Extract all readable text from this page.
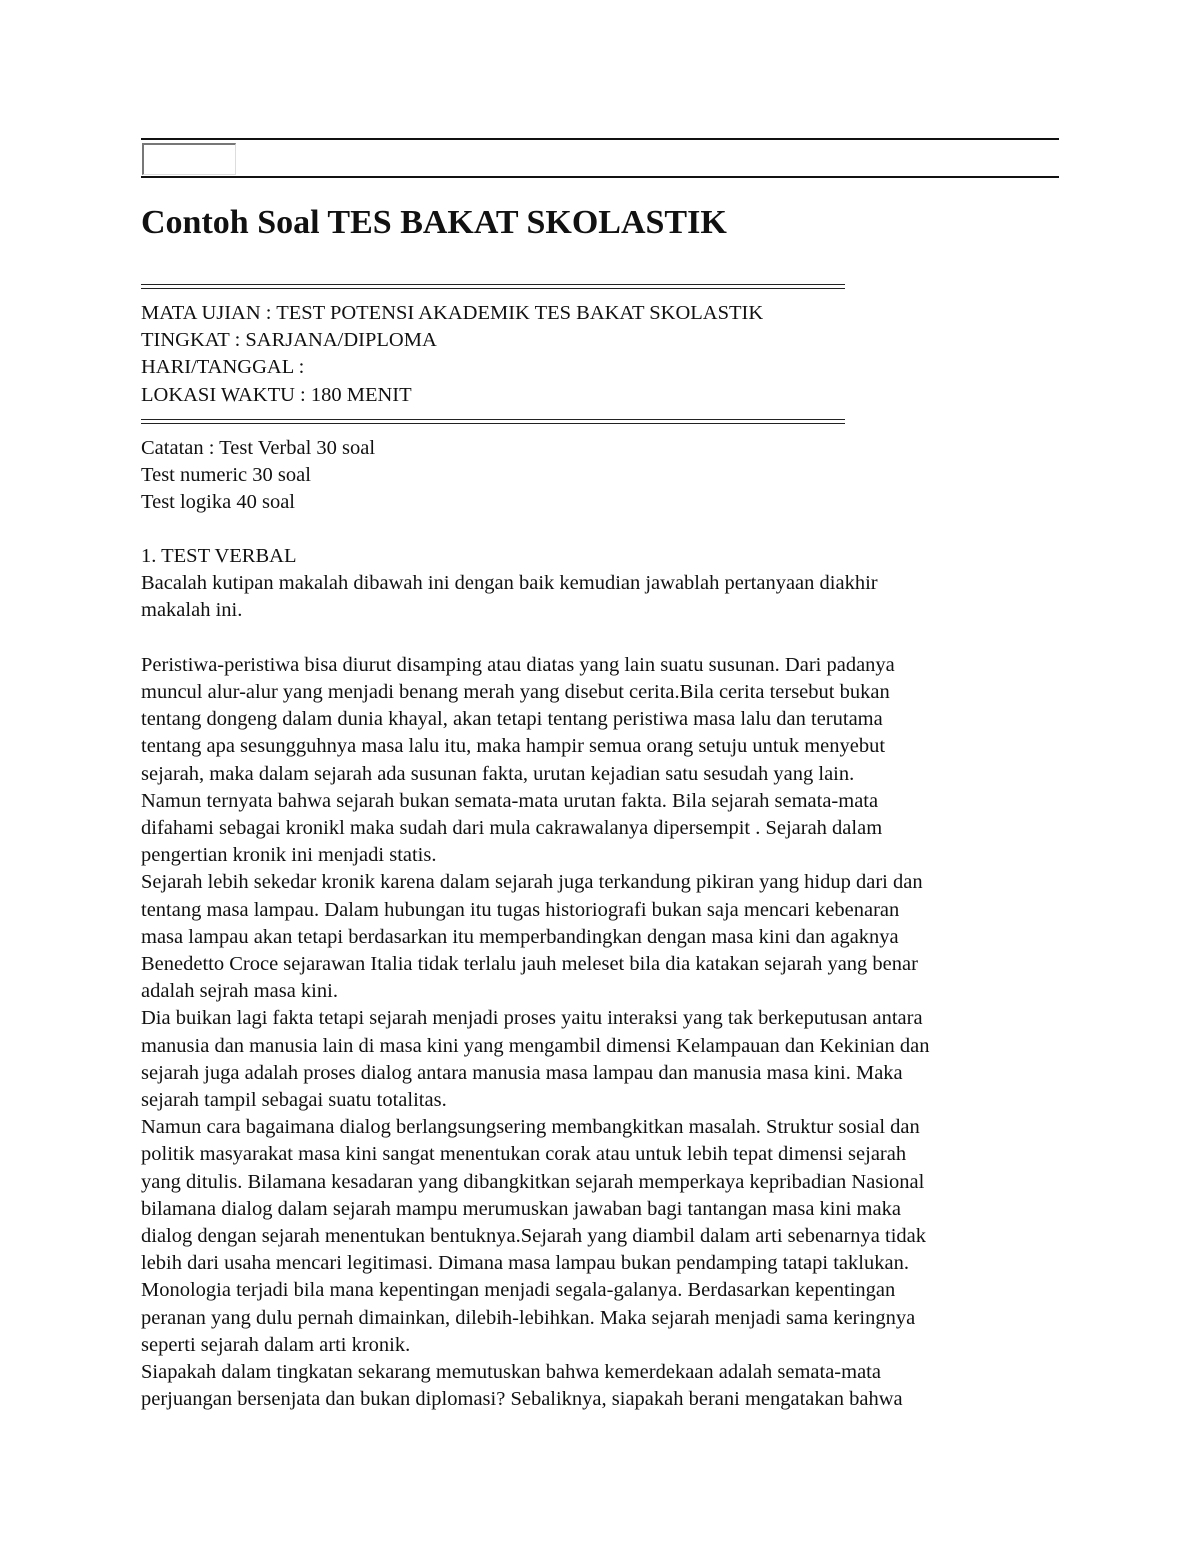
Contoh Soal TES BAKAT SKOLASTIK

MATA UJIAN : TEST POTENSI AKADEMIK TES BAKAT SKOLASTIK

TINGKAT : SARJANA/DIPLOMA

HARI/TANGGAL :

LOKASI WAKTU : 180 MENIT

Catatan : Test Verbal 30 soal

Test numeric 30 soal

Test logika 40 soal

1. TEST VERBAL

Bacalah kutipan makalah dibawah ini dengan baik kemudian jawablah pertanyaan diakhir

makalah ini.

Peristiwa-peristiwa bisa diurut disamping atau diatas yang lain suatu susunan. Dari padanya

muncul alur-alur yang menjadi benang merah yang disebut cerita.Bila cerita tersebut bukan

tentang dongeng dalam dunia khayal, akan tetapi tentang peristiwa masa lalu dan terutama

tentang apa sesungguhnya masa lalu itu, maka hampir semua orang setuju untuk menyebut

sejarah, maka dalam sejarah ada susunan fakta, urutan kejadian satu sesudah yang lain.

Namun ternyata bahwa sejarah bukan semata-mata urutan fakta. Bila sejarah semata-mata

difahami sebagai kronikl maka sudah dari mula cakrawalanya dipersempit . Sejarah dalam

pengertian kronik ini menjadi statis.

Sejarah lebih sekedar kronik karena dalam sejarah juga terkandung pikiran yang hidup dari dan

tentang masa lampau. Dalam hubungan itu tugas historiografi bukan saja mencari kebenaran

masa lampau akan tetapi berdasarkan itu memperbandingkan dengan masa kini dan agaknya

Benedetto Croce sejarawan Italia tidak terlalu jauh meleset bila dia katakan sejarah yang benar

adalah sejrah masa kini.

Dia buikan lagi fakta tetapi sejarah menjadi proses yaitu interaksi yang tak berkeputusan antara

manusia dan manusia lain di masa kini yang mengambil dimensi Kelampauan dan Kekinian dan

sejarah juga adalah proses dialog antara manusia masa lampau dan manusia masa kini. Maka

sejarah tampil sebagai suatu totalitas.

Namun cara bagaimana dialog berlangsungsering membangkitkan masalah. Struktur sosial dan

politik masyarakat masa kini sangat menentukan corak atau untuk lebih tepat dimensi sejarah

yang ditulis. Bilamana kesadaran yang dibangkitkan sejarah memperkaya kepribadian Nasional

bilamana dialog dalam sejarah mampu merumuskan jawaban bagi tantangan masa kini maka

dialog dengan sejarah menentukan bentuknya.Sejarah yang diambil dalam arti sebenarnya tidak

lebih dari usaha mencari legitimasi. Dimana masa lampau bukan pendamping tatapi taklukan.

Monologia terjadi bila mana kepentingan menjadi segala-galanya. Berdasarkan kepentingan

peranan yang dulu pernah dimainkan, dilebih-lebihkan. Maka sejarah menjadi sama keringnya

seperti sejarah dalam arti kronik.

Siapakah dalam tingkatan sekarang memutuskan bahwa kemerdekaan adalah semata-mata

perjuangan bersenjata dan bukan diplomasi? Sebaliknya, siapakah berani mengatakan bahwa
